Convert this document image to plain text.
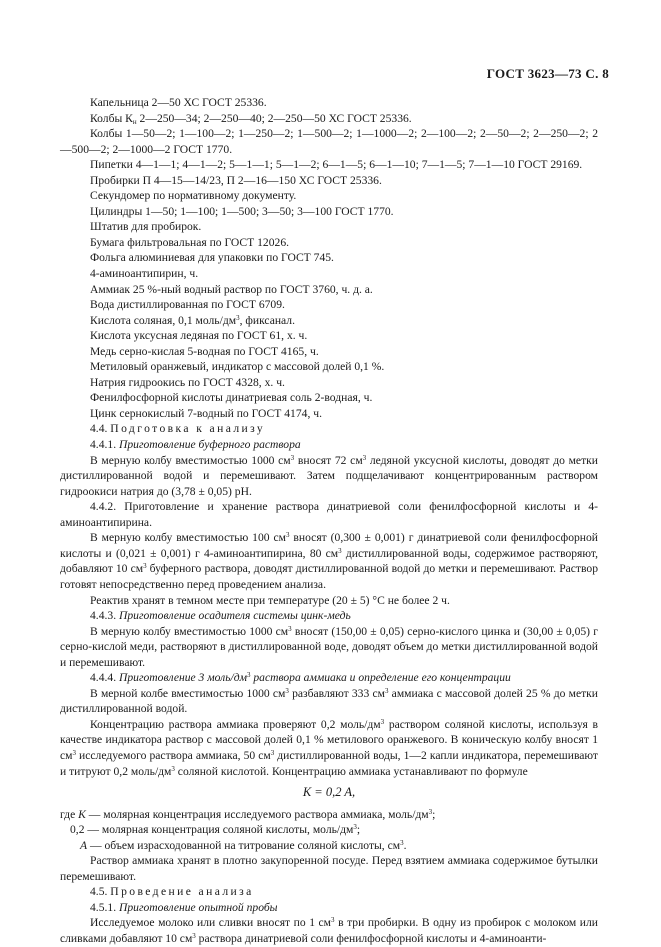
ГОСТ 3623—73 С. 8

Капельница 2—50 ХС ГОСТ 25336.

Колбы $К_н$ 2—250—34; 2—250—40; 2—250—50 ХС ГОСТ 25336.

Колбы 1—50—2; 1—100—2; 1—250—2; 1—500—2; 1—1000—2; 2—100—2; 2—50—2; 2—250—2; 2—500—2; 2—1000—2 ГОСТ 1770.

Пипетки 4—1—1; 4—1—2; 5—1—1; 5—1—2; 6—1—5; 6—1—10; 7—1—5; 7—1—10 ГОСТ 29169.

Пробирки П 4—15—14/23, П 2—16—150 ХС ГОСТ 25336.

Секундомер по нормативному документу.

Цилиндры 1—50; 1—100; 1—500; 3—50; 3—100 ГОСТ 1770.

Штатив для пробирок.

Бумага фильтровальная по ГОСТ 12026.

Фольга алюминиевая для упаковки по ГОСТ 745.

4-аминоантипирин, ч.

Аммиак 25 %-ный водный раствор по ГОСТ 3760, ч. д. а.

Вода дистиллированная по ГОСТ 6709.

Кислота соляная, 0,1 моль/$дм^3$, фиксанал.

Кислота уксусная ледяная по ГОСТ 61, х. ч.

Медь серно-кислая 5-водная по ГОСТ 4165, ч.

Метиловый оранжевый, индикатор с массовой долей 0,1 %.

Натрия гидроокись по ГОСТ 4328, х. ч.

Фенилфосфорной кислоты динатриевая соль 2-водная, ч.

Цинк сернокислый 7-водный по ГОСТ 4174, ч.

4.4. Подготовка к анализу

4.4.1. Приготовление буферного раствора

В мерную колбу вместимостью 1000 $см^3$ вносят 72 $см^3$ ледяной уксусной кислоты, доводят до метки дистиллированной водой и перемешивают. Затем подщелачивают концентрированным раствором гидроокиси натрия до (3,78 ± 0,05) рН.

4.4.2. Приготовление и хранение раствора динатриевой соли фенилфосфорной кислоты и 4-аминоантипирина.

В мерную колбу вместимостью 100 $см^3$ вносят (0,300 ± 0,001) г динатриевой соли фенилфосфорной кислоты и (0,021 ± 0,001) г 4-аминоантипирина, 80 $см^3$ дистиллированной воды, содержимое растворяют, добавляют 10 $см^3$ буферного раствора, доводят дистиллированной водой до метки и перемешивают. Раствор готовят непосредственно перед проведением анализа.

Реактив хранят в темном месте при температуре (20 ± 5) °С не более 2 ч.

4.4.3. Приготовление осадителя системы цинк-медь

В мерную колбу вместимостью 1000 $см^3$ вносят (150,00 ± 0,05) серно-кислого цинка и (30,00 ± 0,05) г серно-кислой меди, растворяют в дистиллированной воде, доводят объем до метки дистиллированной водой и перемешивают.

4.4.4. Приготовление 3 моль/$дм^3$ раствора аммиака и определение его концентрации

В мерной колбе вместимостью 1000 $см^3$ разбавляют 333 $см^3$ аммиака с массовой долей 25 % до метки дистиллированной водой.

Концентрацию раствора аммиака проверяют 0,2 моль/$дм^3$ раствором соляной кислоты, используя в качестве индикатора раствор с массовой долей 0,1 % метилового оранжевого. В коническую колбу вносят 1 $см^3$ исследуемого раствора аммиака, 50 $см^3$ дистиллированной воды, 1—2 капли индикатора, перемешивают и титруют 0,2 моль/$дм^3$ соляной кислотой. Концентрацию аммиака устанавливают по формуле

K = 0,2 A,

где K — молярная концентрация исследуемого раствора аммиака, моль/$дм^3$;

0,2 — молярная концентрация соляной кислоты, моль/$дм^3$;

A — объем израсходованной на титрование соляной кислоты, $см^3$.

Раствор аммиака хранят в плотно закупоренной посуде. Перед взятием аммиака содержимое бутылки перемешивают.

4.5. Проведение анализа

4.5.1. Приготовление опытной пробы

Исследуемое молоко или сливки вносят по 1 $см^3$ в три пробирки. В одну из пробирок с молоком или сливками добавляют 10 $см^3$ раствора динатриевой соли фенилфосфорной кислоты и 4-аминоанти-
